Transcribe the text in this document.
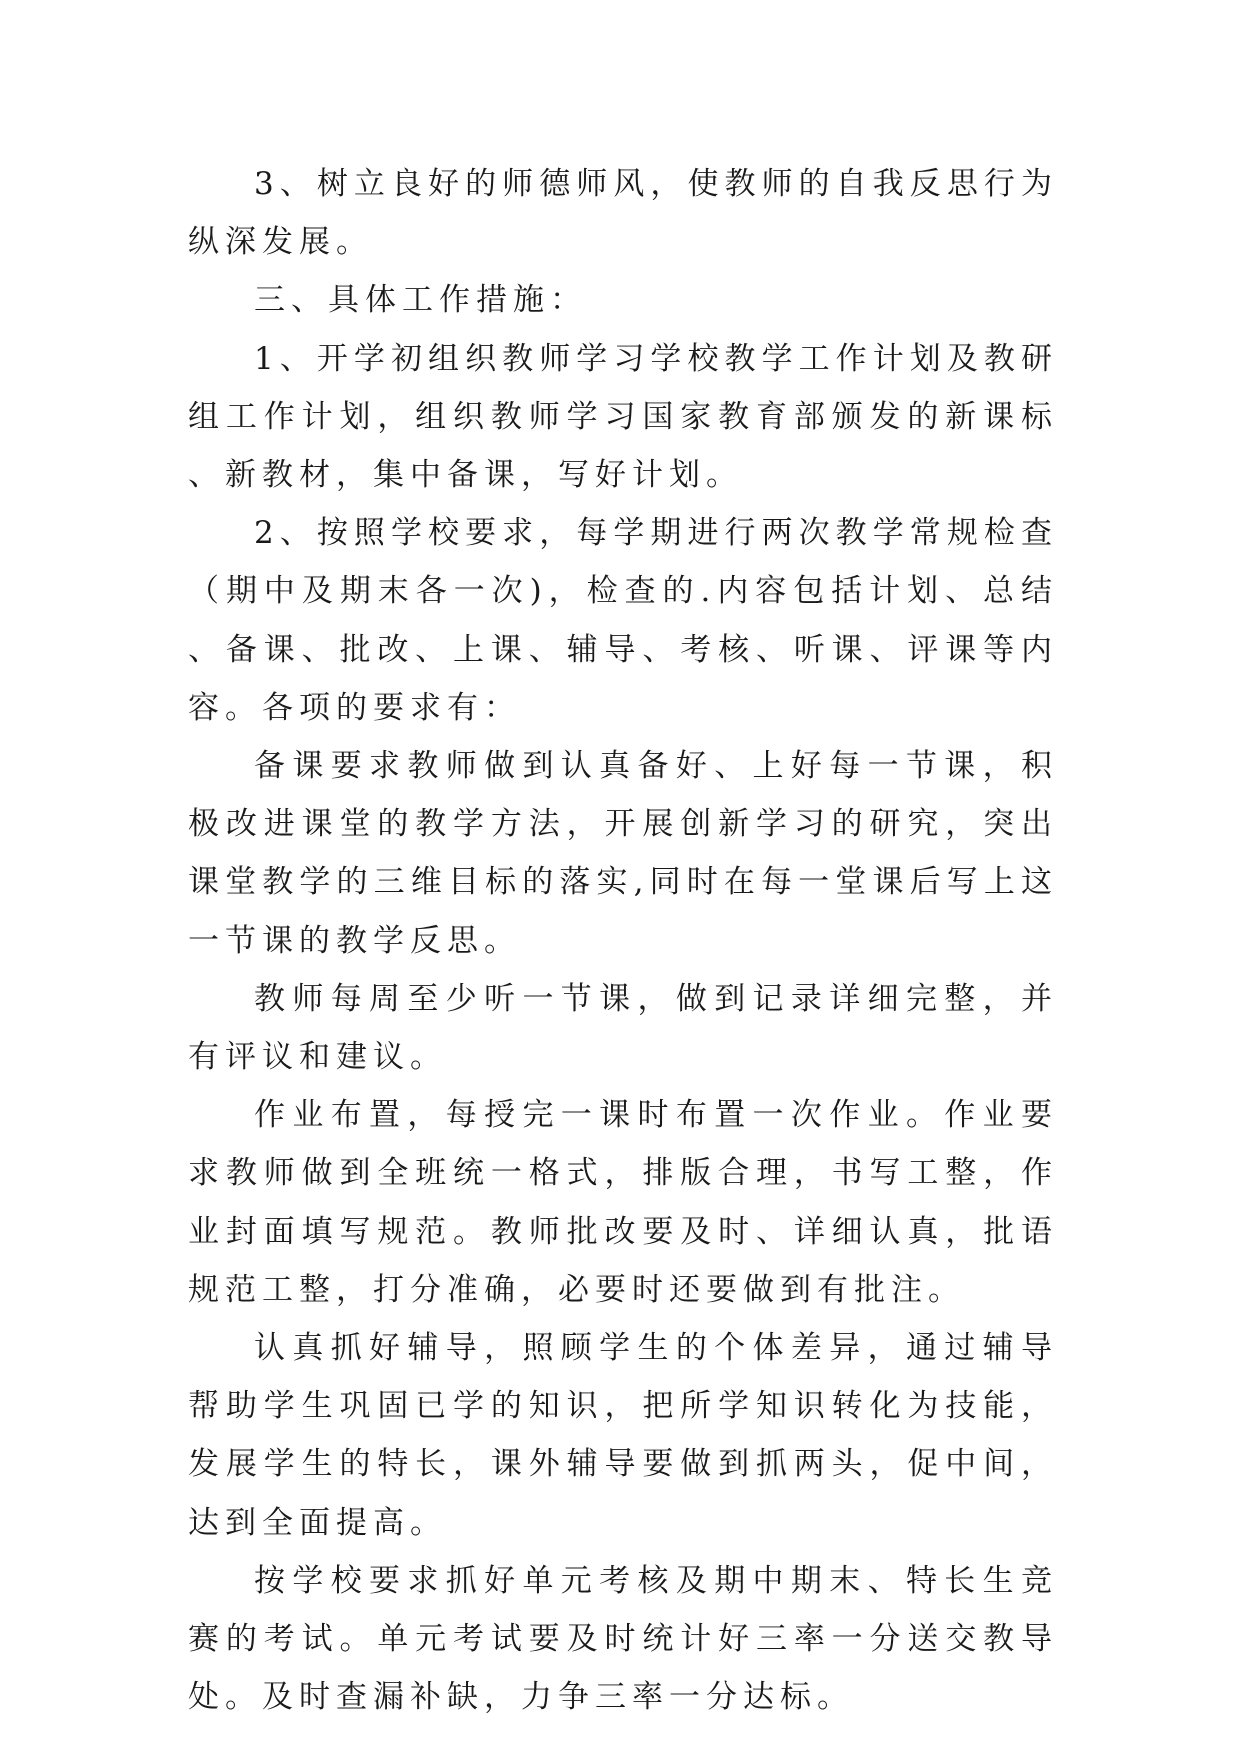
3、树立良好的师德师风，使教师的自我反思行为纵深发展。

三、具体工作措施：

1、开学初组织教师学习学校教学工作计划及教研组工作计划，组织教师学习国家教育部颁发的新课标、新教材，集中备课，写好计划。

2、按照学校要求，每学期进行两次教学常规检查（期中及期末各一次)，检查的.内容包括计划、总结、备课、批改、上课、辅导、考核、听课、评课等内容。各项的要求有：

备课要求教师做到认真备好、上好每一节课，积极改进课堂的教学方法，开展创新学习的研究，突出课堂教学的三维目标的落实,同时在每一堂课后写上这一节课的教学反思。

教师每周至少听一节课，做到记录详细完整，并有评议和建议。

作业布置，每授完一课时布置一次作业。作业要求教师做到全班统一格式，排版合理，书写工整，作业封面填写规范。教师批改要及时、详细认真，批语规范工整，打分准确，必要时还要做到有批注。

认真抓好辅导，照顾学生的个体差异，通过辅导帮助学生巩固已学的知识，把所学知识转化为技能，发展学生的特长，课外辅导要做到抓两头，促中间，达到全面提高。

按学校要求抓好单元考核及期中期末、特长生竞赛的考试。单元考试要及时统计好三率一分送交教导处。及时查漏补缺，力争三率一分达标。
